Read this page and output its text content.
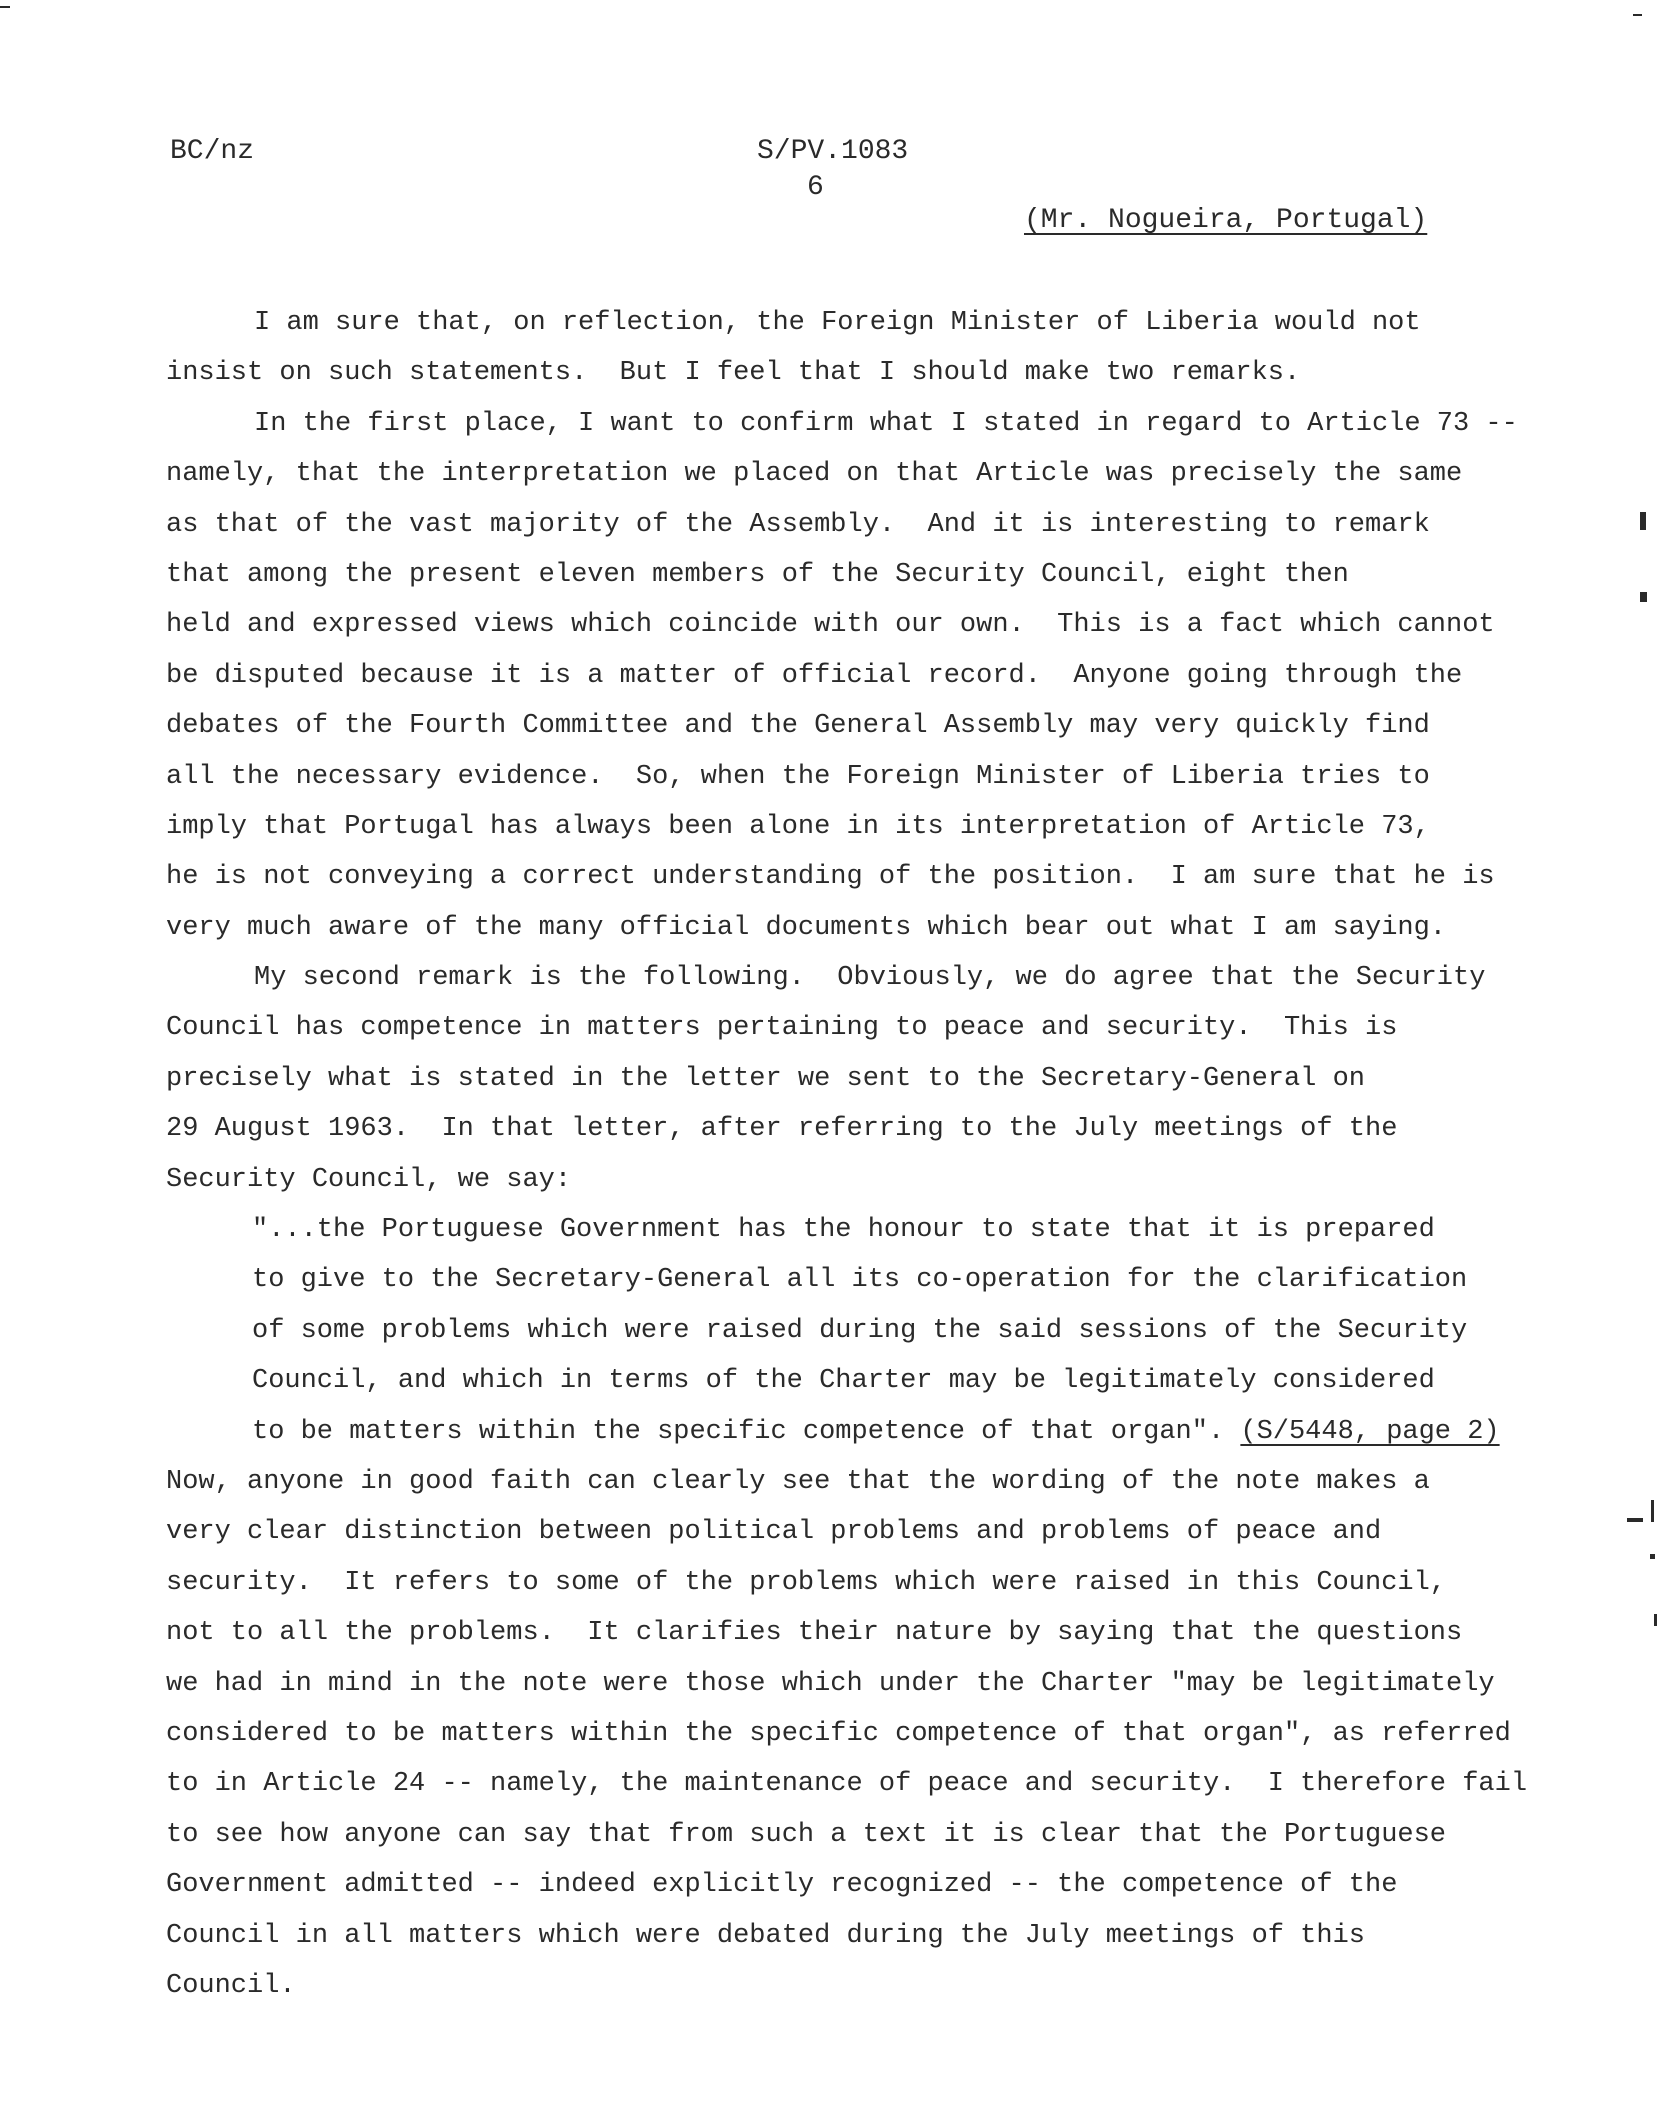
BC/nz	S/PV.1083
6
(Mr. Nogueira, Portugal)
I am sure that, on reflection, the Foreign Minister of Liberia would not
insist on such statements.  But I feel that I should make two remarks.
In the first place, I want to confirm what I stated in regard to Article 73 --
namely, that the interpretation we placed on that Article was precisely the same
as that of the vast majority of the Assembly.  And it is interesting to remark
that among the present eleven members of the Security Council, eight then
held and expressed views which coincide with our own.  This is a fact which cannot
be disputed because it is a matter of official record.  Anyone going through the
debates of the Fourth Committee and the General Assembly may very quickly find
all the necessary evidence.  So, when the Foreign Minister of Liberia tries to
imply that Portugal has always been alone in its interpretation of Article 73,
he is not conveying a correct understanding of the position.  I am sure that he is
very much aware of the many official documents which bear out what I am saying.
My second remark is the following.  Obviously, we do agree that the Security
Council has competence in matters pertaining to peace and security.  This is
precisely what is stated in the letter we sent to the Secretary-General on
29 August 1963.  In that letter, after referring to the July meetings of the
Security Council, we say:
"...the Portuguese Government has the honour to state that it is prepared
to give to the Secretary-General all its co-operation for the clarification
of some problems which were raised during the said sessions of the Security
Council, and which in terms of the Charter may be legitimately considered
to be matters within the specific competence of that organ". (S/5448, page 2)
Now, anyone in good faith can clearly see that the wording of the note makes a
very clear distinction between political problems and problems of peace and
security.  It refers to some of the problems which were raised in this Council,
not to all the problems.  It clarifies their nature by saying that the questions
we had in mind in the note were those which under the Charter "may be legitimately
considered to be matters within the specific competence of that organ", as referred
to in Article 24 -- namely, the maintenance of peace and security.  I therefore fail
to see how anyone can say that from such a text it is clear that the Portuguese
Government admitted -- indeed explicitly recognized -- the competence of the
Council in all matters which were debated during the July meetings of this
Council.
